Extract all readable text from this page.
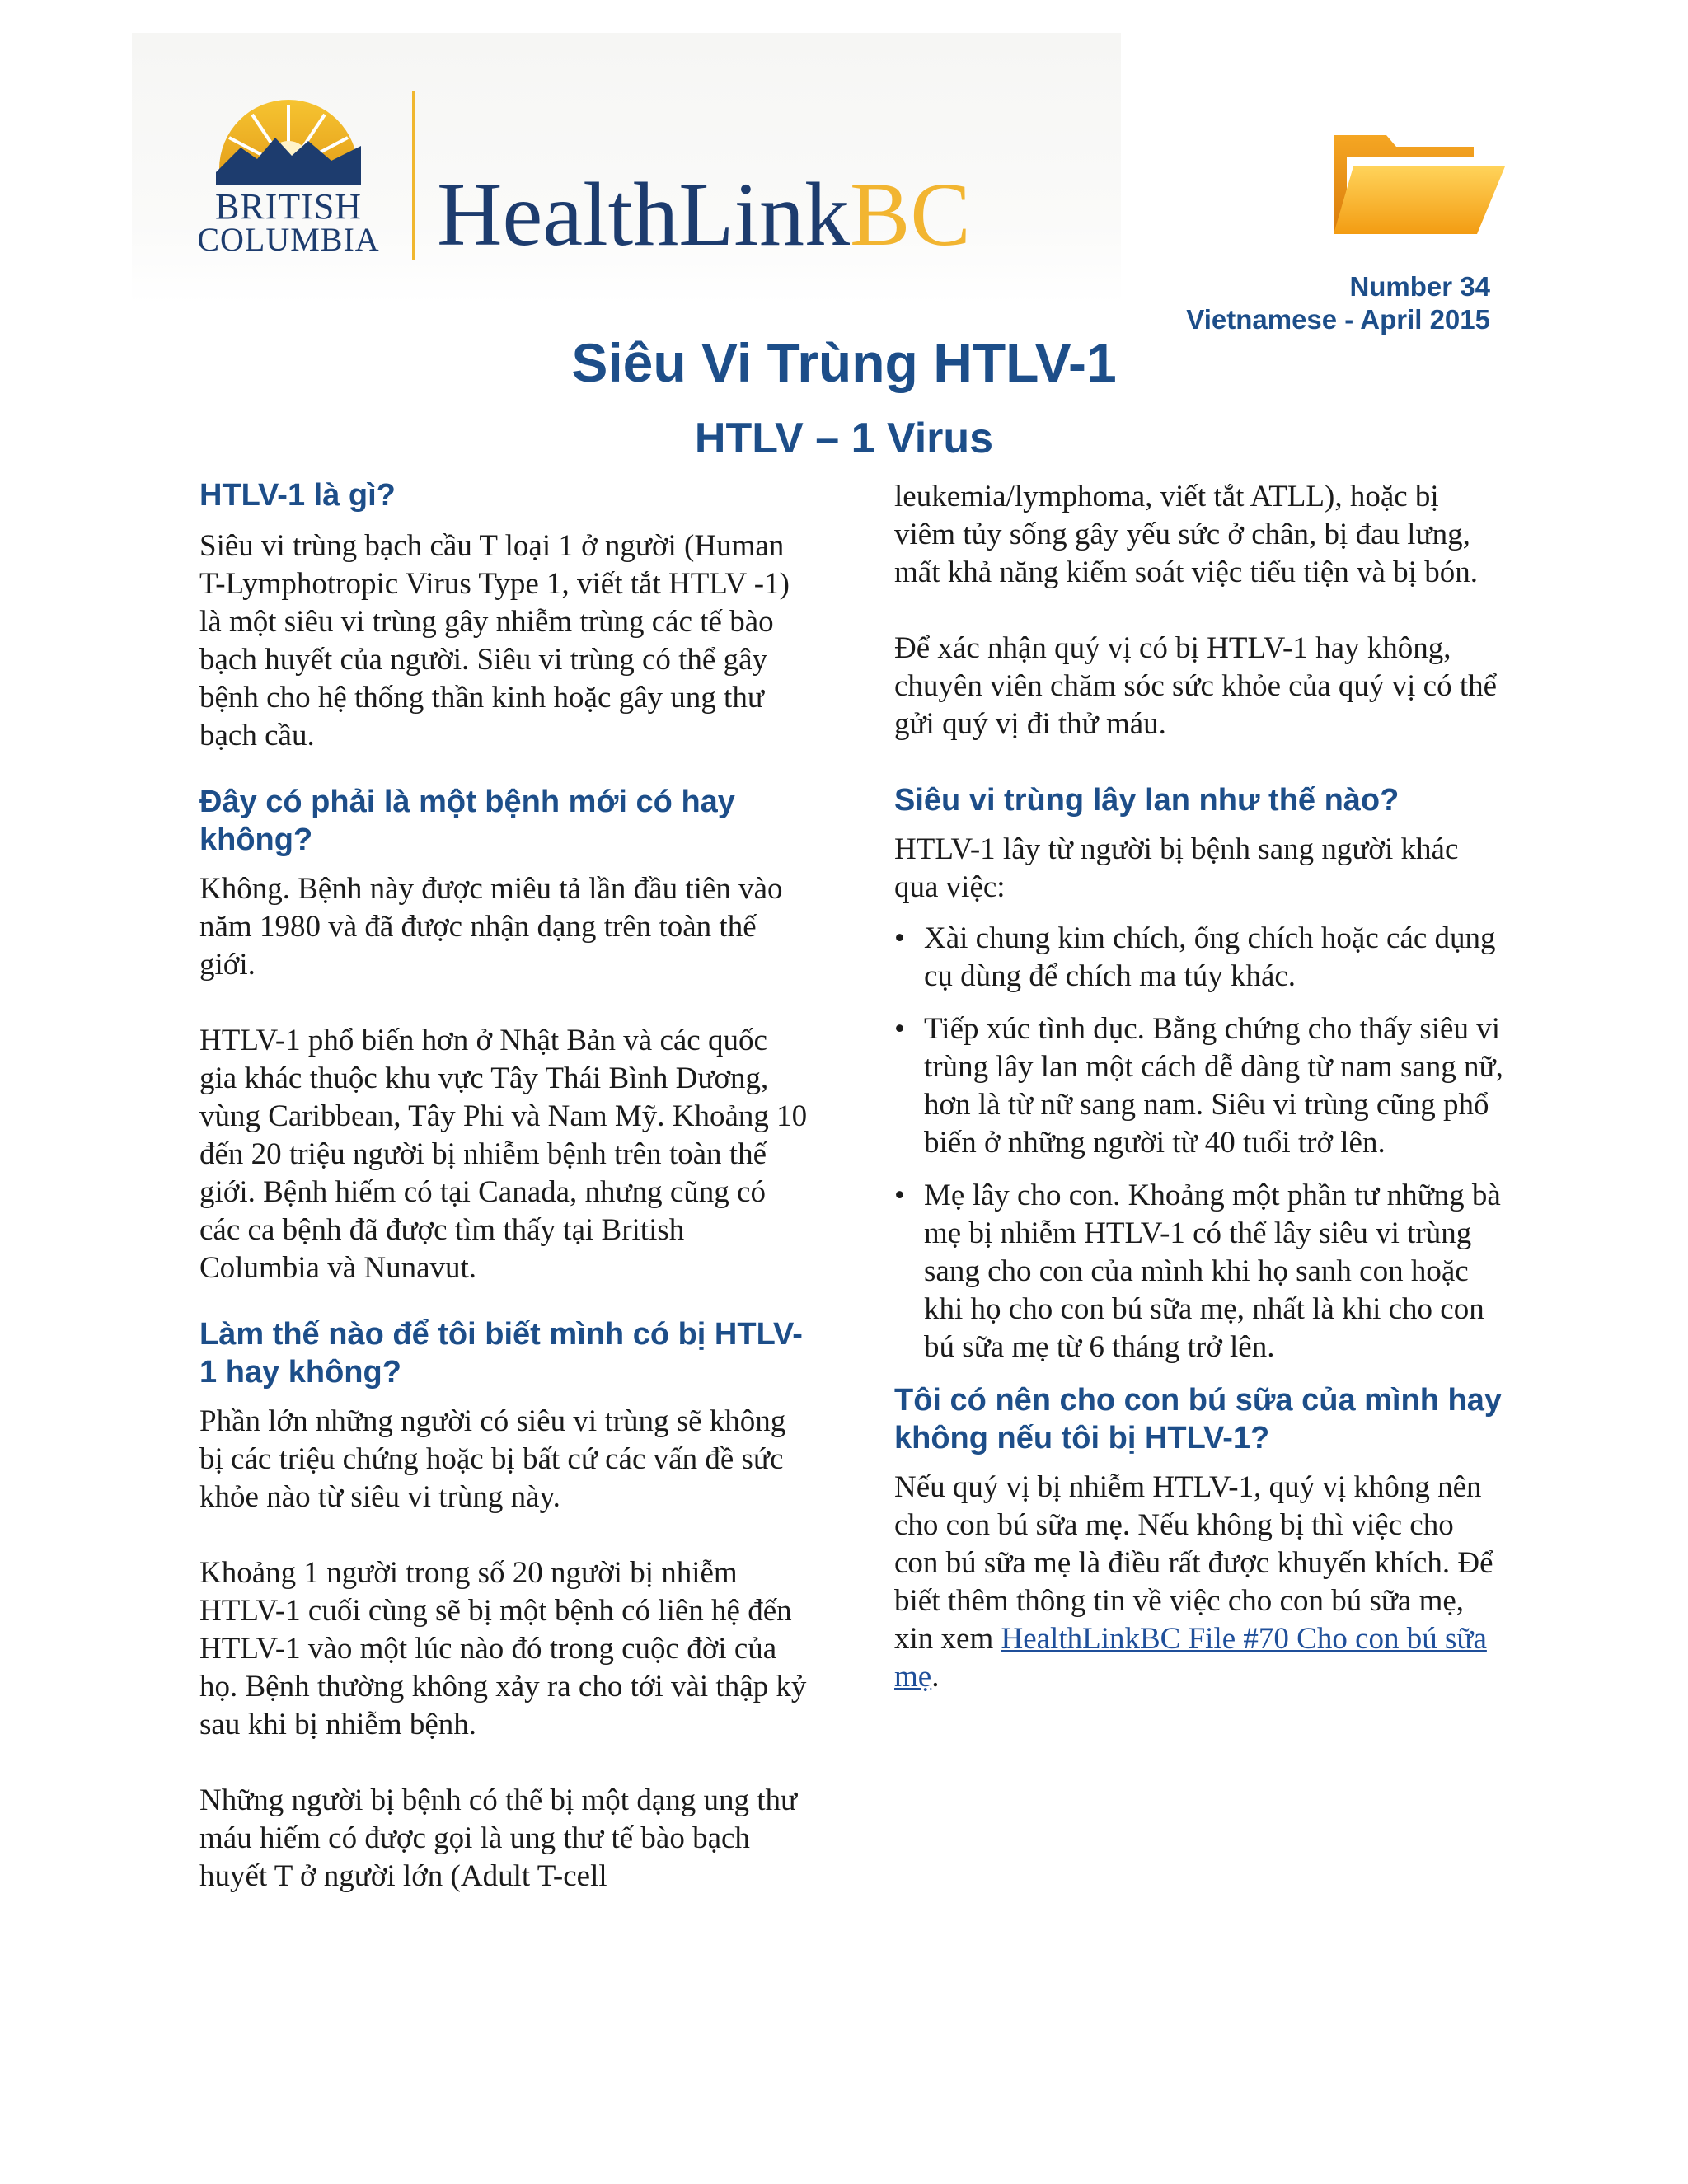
BRITISH
COLUMBIA HealthLinkBC
Number 34
Vietnamese - April 2015
Siêu Vi Trùng HTLV-1
HTLV – 1 Virus
HTLV-1 là gì?

Siêu vi trùng bạch cầu T loại 1 ở người (Human T-Lymphotropic Virus Type 1, viết tắt HTLV -1) là một siêu vi trùng gây nhiễm trùng các tế bào bạch huyết của người. Siêu vi trùng có thể gây bệnh cho hệ thống thần kinh hoặc gây ung thư bạch cầu.

Đây có phải là một bệnh mới có hay không?

Không. Bệnh này được miêu tả lần đầu tiên vào năm 1980 và đã được nhận dạng trên toàn thế giới.

HTLV-1 phổ biến hơn ở Nhật Bản và các quốc gia khác thuộc khu vực Tây Thái Bình Dương, vùng Caribbean, Tây Phi và Nam Mỹ. Khoảng 10 đến 20 triệu người bị nhiễm bệnh trên toàn thế giới. Bệnh hiếm có tại Canada, nhưng cũng có các ca bệnh đã được tìm thấy tại British Columbia và Nunavut.

Làm thế nào để tôi biết mình có bị HTLV-1 hay không?

Phần lớn những người có siêu vi trùng sẽ không bị các triệu chứng hoặc bị bất cứ các vấn đề sức khỏe nào từ siêu vi trùng này.

Khoảng 1 người trong số 20 người bị nhiễm HTLV-1 cuối cùng sẽ bị một bệnh có liên hệ đến HTLV-1 vào một lúc nào đó trong cuộc đời của họ. Bệnh thường không xảy ra cho tới vài thập kỷ sau khi bị nhiễm bệnh.

Những người bị bệnh có thể bị một dạng ung thư máu hiếm có được gọi là ung thư tế bào bạch huyết T ở người lớn (Adult T-cell

leukemia/lymphoma, viết tắt ATLL), hoặc bị viêm tủy sống gây yếu sức ở chân, bị đau lưng, mất khả năng kiểm soát việc tiểu tiện và bị bón.

Để xác nhận quý vị có bị HTLV-1 hay không, chuyên viên chăm sóc sức khỏe của quý vị có thể gửi quý vị đi thử máu.

Siêu vi trùng lây lan như thế nào?

HTLV-1 lây từ người bị bệnh sang người khác qua việc:

• Xài chung kim chích, ống chích hoặc các dụng cụ dùng để chích ma túy khác.
• Tiếp xúc tình dục. Bằng chứng cho thấy siêu vi trùng lây lan một cách dễ dàng từ nam sang nữ, hơn là từ nữ sang nam. Siêu vi trùng cũng phổ biến ở những người từ 40 tuổi trở lên.
• Mẹ lây cho con. Khoảng một phần tư những bà mẹ bị nhiễm HTLV-1 có thể lây siêu vi trùng sang cho con của mình khi họ sanh con hoặc khi họ cho con bú sữa mẹ, nhất là khi cho con bú sữa mẹ từ 6 tháng trở lên.
Tôi có nên cho con bú sữa của mình hay không nếu tôi bị HTLV-1?

Nếu quý vị bị nhiễm HTLV-1, quý vị không nên cho con bú sữa mẹ. Nếu không bị thì việc cho con bú sữa mẹ là điều rất được khuyến khích. Để biết thêm thông tin về việc cho con bú sữa mẹ, xin xem HealthLinkBC File #70 Cho con bú sữa mẹ.
